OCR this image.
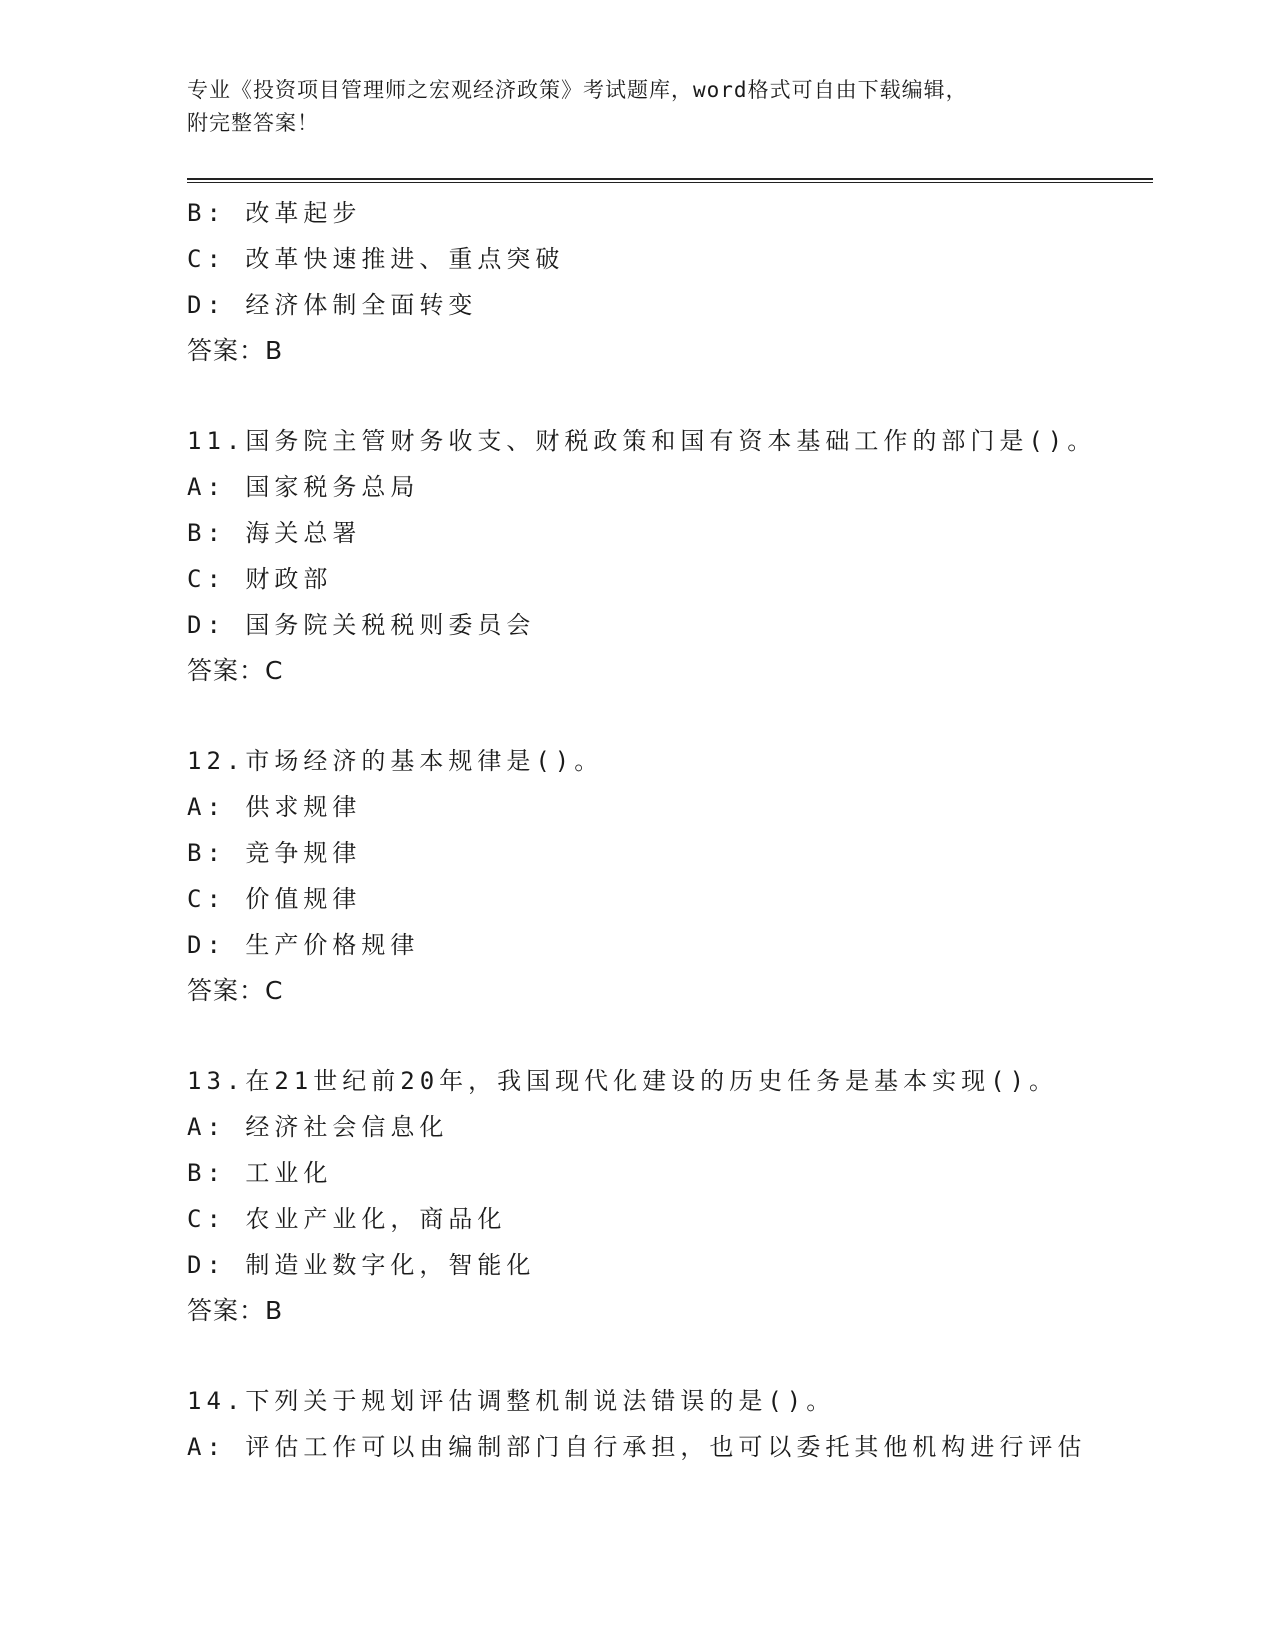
专业《投资项目管理师之宏观经济政策》考试题库，word格式可自由下载编辑，
附完整答案！
B: 改革起步
C: 改革快速推进、重点突破
D: 经济体制全面转变
答案：B
11.国务院主管财务收支、财税政策和国有资本基础工作的部门是()。
A: 国家税务总局
B: 海关总署
C: 财政部
D: 国务院关税税则委员会
答案：C
12.市场经济的基本规律是()。
A: 供求规律
B: 竞争规律
C: 价值规律
D: 生产价格规律
答案：C
13.在21世纪前20年，我国现代化建设的历史任务是基本实现()。
A: 经济社会信息化
B: 工业化
C: 农业产业化，商品化
D: 制造业数字化，智能化
答案：B
14.下列关于规划评估调整机制说法错误的是()。
A: 评估工作可以由编制部门自行承担，也可以委托其他机构进行评估
